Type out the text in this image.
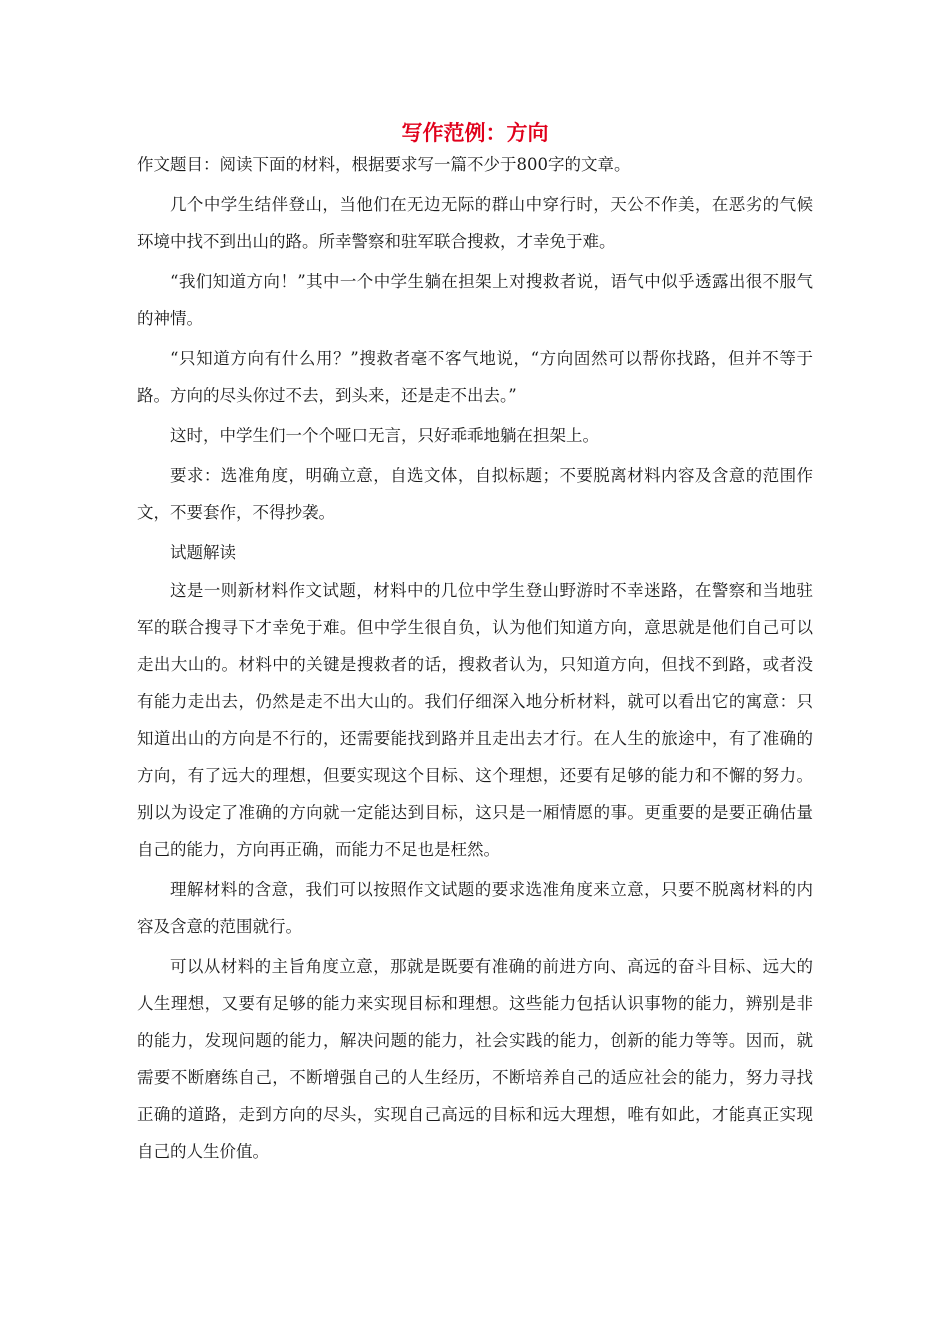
写作范例：方向
作文题目：阅读下面的材料，根据要求写一篇不少于800字的文章。
几个中学生结伴登山，当他们在无边无际的群山中穿行时，天公不作美，在恶劣的气候环境中找不到出山的路。所幸警察和驻军联合搜救，才幸免于难。
“我们知道方向！”其中一个中学生躺在担架上对搜救者说，语气中似乎透露出很不服气的神情。
“只知道方向有什么用？”搜救者毫不客气地说，“方向固然可以帮你找路，但并不等于路。方向的尽头你过不去，到头来，还是走不出去。”
这时，中学生们一个个哑口无言，只好乖乖地躺在担架上。
要求：选准角度，明确立意，自选文体，自拟标题；不要脱离材料内容及含意的范围作文，不要套作，不得抄袭。
试题解读
这是一则新材料作文试题，材料中的几位中学生登山野游时不幸迷路，在警察和当地驻军的联合搜寻下才幸免于难。但中学生很自负，认为他们知道方向，意思就是他们自己可以走出大山的。材料中的关键是搜救者的话，搜救者认为，只知道方向，但找不到路，或者没有能力走出去，仍然是走不出大山的。我们仔细深入地分析材料，就可以看出它的寓意：只知道出山的方向是不行的，还需要能找到路并且走出去才行。在人生的旅途中，有了准确的方向，有了远大的理想，但要实现这个目标、这个理想，还要有足够的能力和不懈的努力。别以为设定了准确的方向就一定能达到目标，这只是一厢情愿的事。更重要的是要正确估量自己的能力，方向再正确，而能力不足也是枉然。
理解材料的含意，我们可以按照作文试题的要求选准角度来立意，只要不脱离材料的内容及含意的范围就行。
可以从材料的主旨角度立意，那就是既要有准确的前进方向、高远的奋斗目标、远大的人生理想，又要有足够的能力来实现目标和理想。这些能力包括认识事物的能力，辨别是非的能力，发现问题的能力，解决问题的能力，社会实践的能力，创新的能力等等。因而，就需要不断磨练自己，不断增强自己的人生经历，不断培养自己的适应社会的能力，努力寻找正确的道路，走到方向的尽头，实现自己高远的目标和远大理想，唯有如此，才能真正实现自己的人生价值。
